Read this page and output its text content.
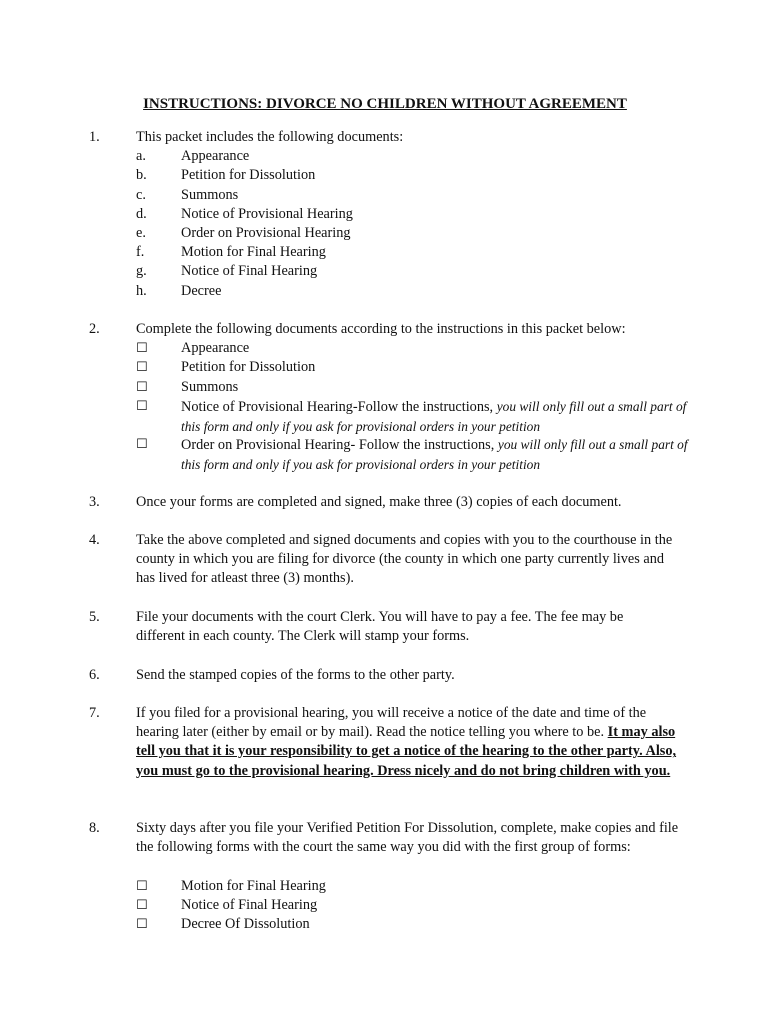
INSTRUCTIONS: DIVORCE NO CHILDREN WITHOUT AGREEMENT
1.	This packet includes the following documents:
a. Appearance
b. Petition for Dissolution
c. Summons
d. Notice of Provisional Hearing
e. Order on Provisional Hearing
f.	Motion for Final Hearing
g. Notice of Final Hearing
h. Decree
2.	Complete the following documents according to the instructions in this packet below:
☐ Appearance
☐ Petition for Dissolution
☐ Summons
☐ Notice of Provisional Hearing-Follow the instructions, you will only fill out a small part of this form and only if you ask for provisional orders in your petition
☐ Order on Provisional Hearing- Follow the instructions, you will only fill out a small part of this form and only if you ask for provisional orders in your petition
3.	Once your forms are completed and signed, make three (3) copies of each document.
4.	Take the above completed and signed documents and copies with you to the courthouse in the county in which you are filing for divorce (the county in which one party currently lives and has lived for atleast three (3) months).
5.	File your documents with the court Clerk. You will have to pay a fee. The fee may be different in each county. The Clerk will stamp your forms.
6.	Send the stamped copies of the forms to the other party.
7.	If you filed for a provisional hearing, you will receive a notice of the date and time of the hearing later (either by email or by mail). Read the notice telling you where to be. It may also tell you that it is your responsibility to get a notice of the hearing to the other party. Also, you must go to the provisional hearing. Dress nicely and do not bring children with you.
8.	Sixty days after you file your Verified Petition For Dissolution, complete, make copies and file the following forms with the court the same way you did with the first group of forms:
☐ Motion for Final Hearing
☐ Notice of Final Hearing
☐ Decree Of Dissolution
